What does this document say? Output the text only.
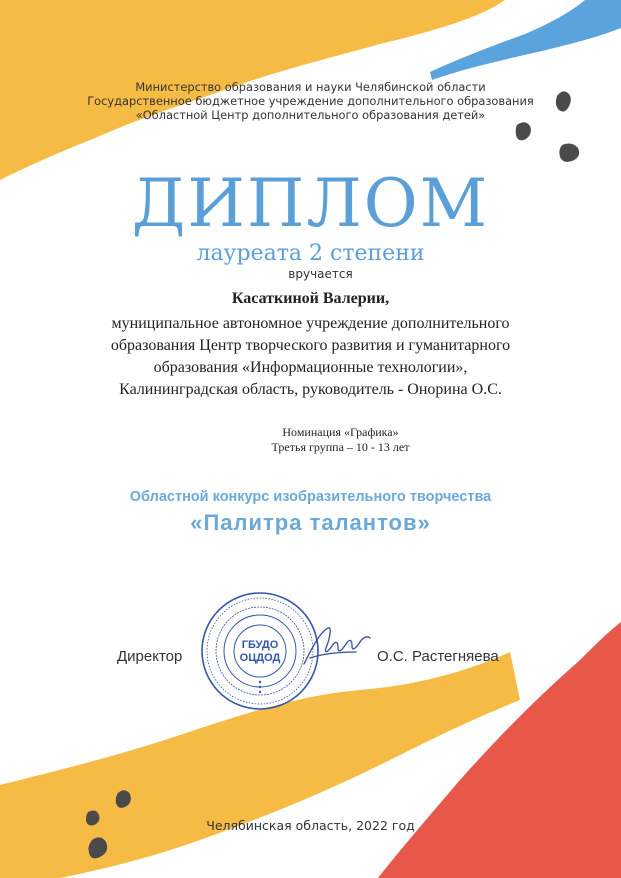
Министерство образования и науки Челябинской области
Государственное бюджетное учреждение дополнительного образования
«Областной Центр дополнительного образования детей»
ДИПЛОМ
лауреата 2 степени
вручается
Касаткиной Валерии,
муниципальное автономное учреждение дополнительного
образования Центр творческого развития и гуманитарного
образования «Информационные технологии»,
Калининградская область, руководитель - Онорина О.С.
Номинация «Графика»
Третья группа – 10 - 13 лет
Областной конкурс изобразительного творчества
«Палитра талантов»
Директор
ГБУДО
ОЦДОД	О.С. Растегняева
Челябинская область, 2022 год
